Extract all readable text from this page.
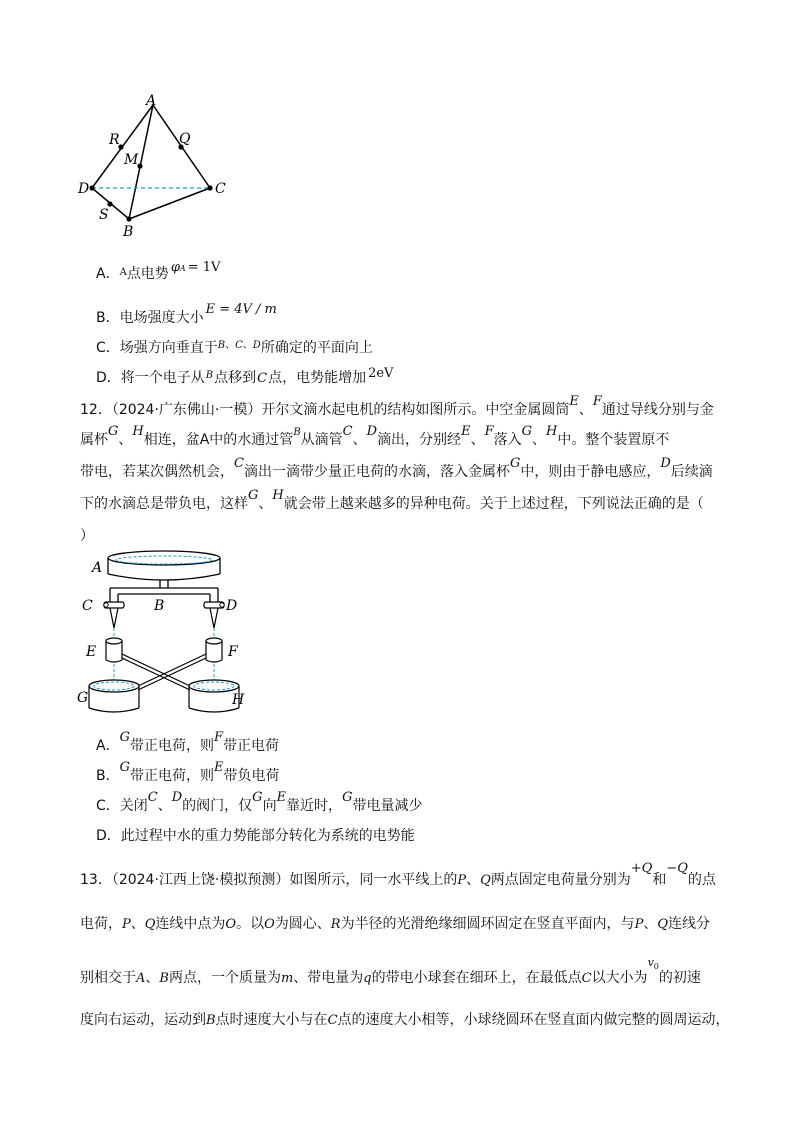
A
B
C
D
M
Q
R
S
A．$^A$点电势 φA = 1V
B．电场强度大小E = 4V / m
C．场强方向垂直于$^{B、C、D}$所确定的平面向上
D．将一个电子从$^B$点移到C点，电势能增加 2eV
12．（2024·广东佛山·一模）开尔文滴水起电机的结构如图所示。中空金属圆筒E、F通过导线分别与金
属杯G、H相连，盆A中的水通过管$^B$从滴管C、D滴出，分别经E、F落入G、H中。整个装置原不
带电，若某次偶然机会，C滴出一滴带少量正电荷的水滴，落入金属杯G中，则由于静电感应，D后续滴
下的水滴总是带负电，这样G、H就会带上越来越多的异种电荷。关于上述过程，下列说法正确的是（
）
A
B
C	D
E	F
G	H
A．G带正电荷，则F带正电荷
B．G带正电荷，则E带负电荷
C．关闭C、D的阀门，仅G向E靠近时，G带电量减少
D．此过程中水的重力势能部分转化为系统的电势能
13．（2024·江西上饶·模拟预测）如图所示，同一水平线上的P、Q两点固定电荷量分别为+Q和−Q的点
电荷，P、Q连线中点为O。以O为圆心、R为半径的光滑绝缘细圆环固定在竖直平面内，与P、Q连线分
别相交于A、B两点，一个质量为m、带电量为q的带电小球套在细环上，在最低点C以大小为$v_0$的初速
度向右运动，运动到B点时速度大小与在C点的速度大小相等，小球绕圆环在竖直面内做完整的圆周运动，
